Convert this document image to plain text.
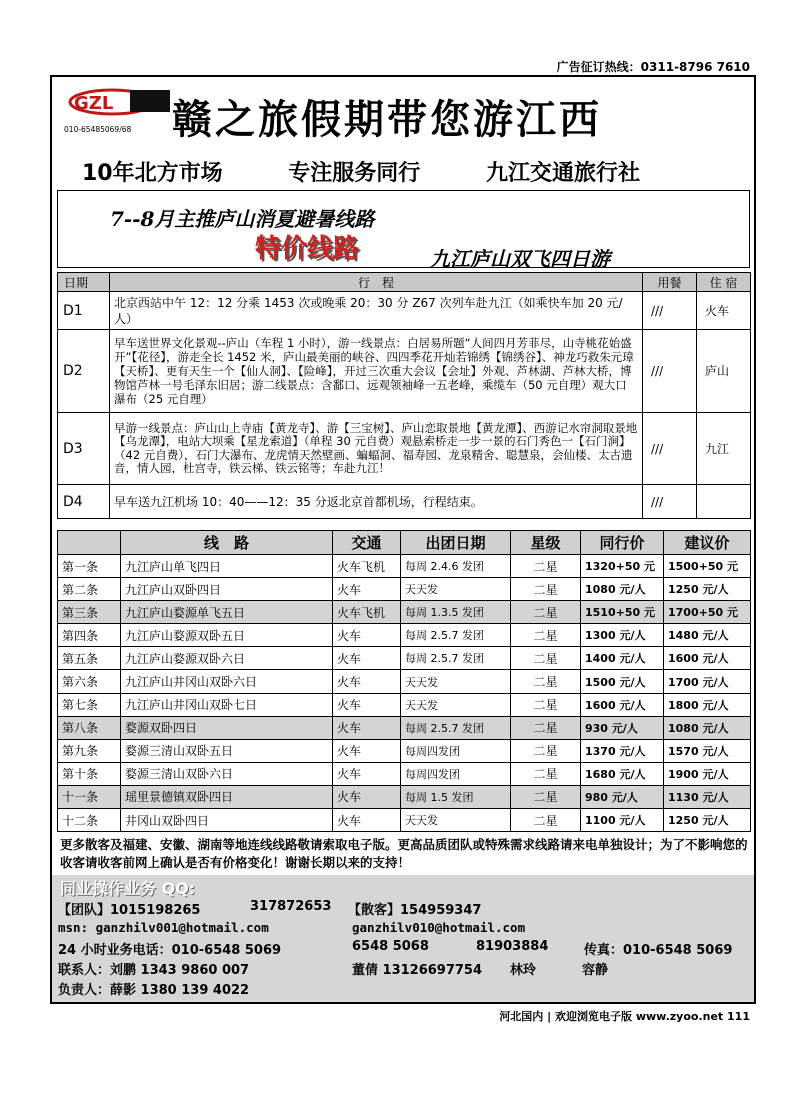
广告征订热线：0311-8796 7610
GZL
010-65485069/68 赣之旅假期带您游江西
10年北方市场	专注服务同行	九江交通旅行社
7--8月主推庐山消夏避暑线路
特价线路	九江庐山双飞四日游
日期	行　程	用餐	住 宿
D1	北京西站中午 12：12 分乘 1453 次或晚乘 20：30 分 Z67 次列车赴九江（如乘快车加 20 元/人）	///	火车
D2	早车送世界文化景观--庐山（车程 1 小时），游一线景点：白居易所题“人间四月芳菲尽，山寺桃花始盛开”【花径】，游走全长 1452 米，庐山最美丽的峡谷、四四季花开灿若锦绣【锦绣谷】、神龙巧救朱元璋【天桥】、更有天生一个【仙人洞】、【险峰】，开过三次重大会议【会址】外观、芦林湖、芦林大桥，博物馆芦林一号毛泽东旧居；游二线景点：含鄱口、远观领袖峰一五老峰，乘缆车（50 元自理）观大口瀑布（25 元自理）	///	庐山
D3	早游一线景点：庐山山上寺庙【黄龙寺】、游【三宝树】、庐山恋取景地【黄龙潭】、西游记水帘洞取景地【乌龙潭】，电站大坝乘【星龙索道】（单程 30 元自费）观悬索桥走一步一景的石门秀色一【石门涧】（42 元自费），石门大瀑布、龙虎情天然壁画、蝙蝠洞、福寿园、龙泉精舍、聪慧泉，会仙楼、太古遗音，情人园，杜宫寺，铁云梯、铁云铭等；车赴九江！	///	九江
D4	早车送九江机场 10：40——12：35 分返北京首都机场，行程结束。	///	
	线　路	交通	出团日期	星级	同行价	建议价
第一条	九江庐山单飞四日	火车飞机	每周 2.4.6 发团	二星	1320+50 元	1500+50 元
第二条	九江庐山双卧四日	火车	天天发	二星	1080 元/人	1250 元/人
第三条	九江庐山婺源单飞五日	火车飞机	每周 1.3.5 发团	二星	1510+50 元	1700+50 元
第四条	九江庐山婺源双卧五日	火车	每周 2.5.7 发团	二星	1300 元/人	1480 元/人
第五条	九江庐山婺源双卧六日	火车	每周 2.5.7 发团	二星	1400 元/人	1600 元/人
第六条	九江庐山井冈山双卧六日	火车	天天发	二星	1500 元/人	1700 元/人
第七条	九江庐山井冈山双卧七日	火车	天天发	二星	1600 元/人	1800 元/人
第八条	婺源双卧四日	火车	每周 2.5.7 发团	二星	930 元/人	1080 元/人
第九条	婺源三清山双卧五日	火车	每周四发团	二星	1370 元/人	1570 元/人
第十条	婺源三清山双卧六日	火车	每周四发团	二星	1680 元/人	1900 元/人
十一条	瑶里景德镇双卧四日	火车	每周 1.5 发团	二星	980 元/人	1130 元/人
十二条	井冈山双卧四日	火车	天天发	二星	1100 元/人	1250 元/人
更多散客及福建、安徽、湖南等地连线线路敬请索取电子版。更高品质团队或特殊需求线路请来电单独设计；为了不影响您的收客请收客前网上确认是否有价格变化！谢谢长期以来的支持！
同业操作业务 QQ:
【团队】1015198265	317872653 【散客】154959347
msn: ganzhilv001@hotmail.com	ganzhilv010@hotmail.com
24 小时业务电话：010-6548 5069	6548 5068	81903884	传真：010-6548 5069
联系人：刘鹏 1343 9860 007	董倩 13126697754 林玲	容静
负责人：薛影 1380 139 4022
河北国内 | 欢迎浏览电子版 www.zyoo.net 111
